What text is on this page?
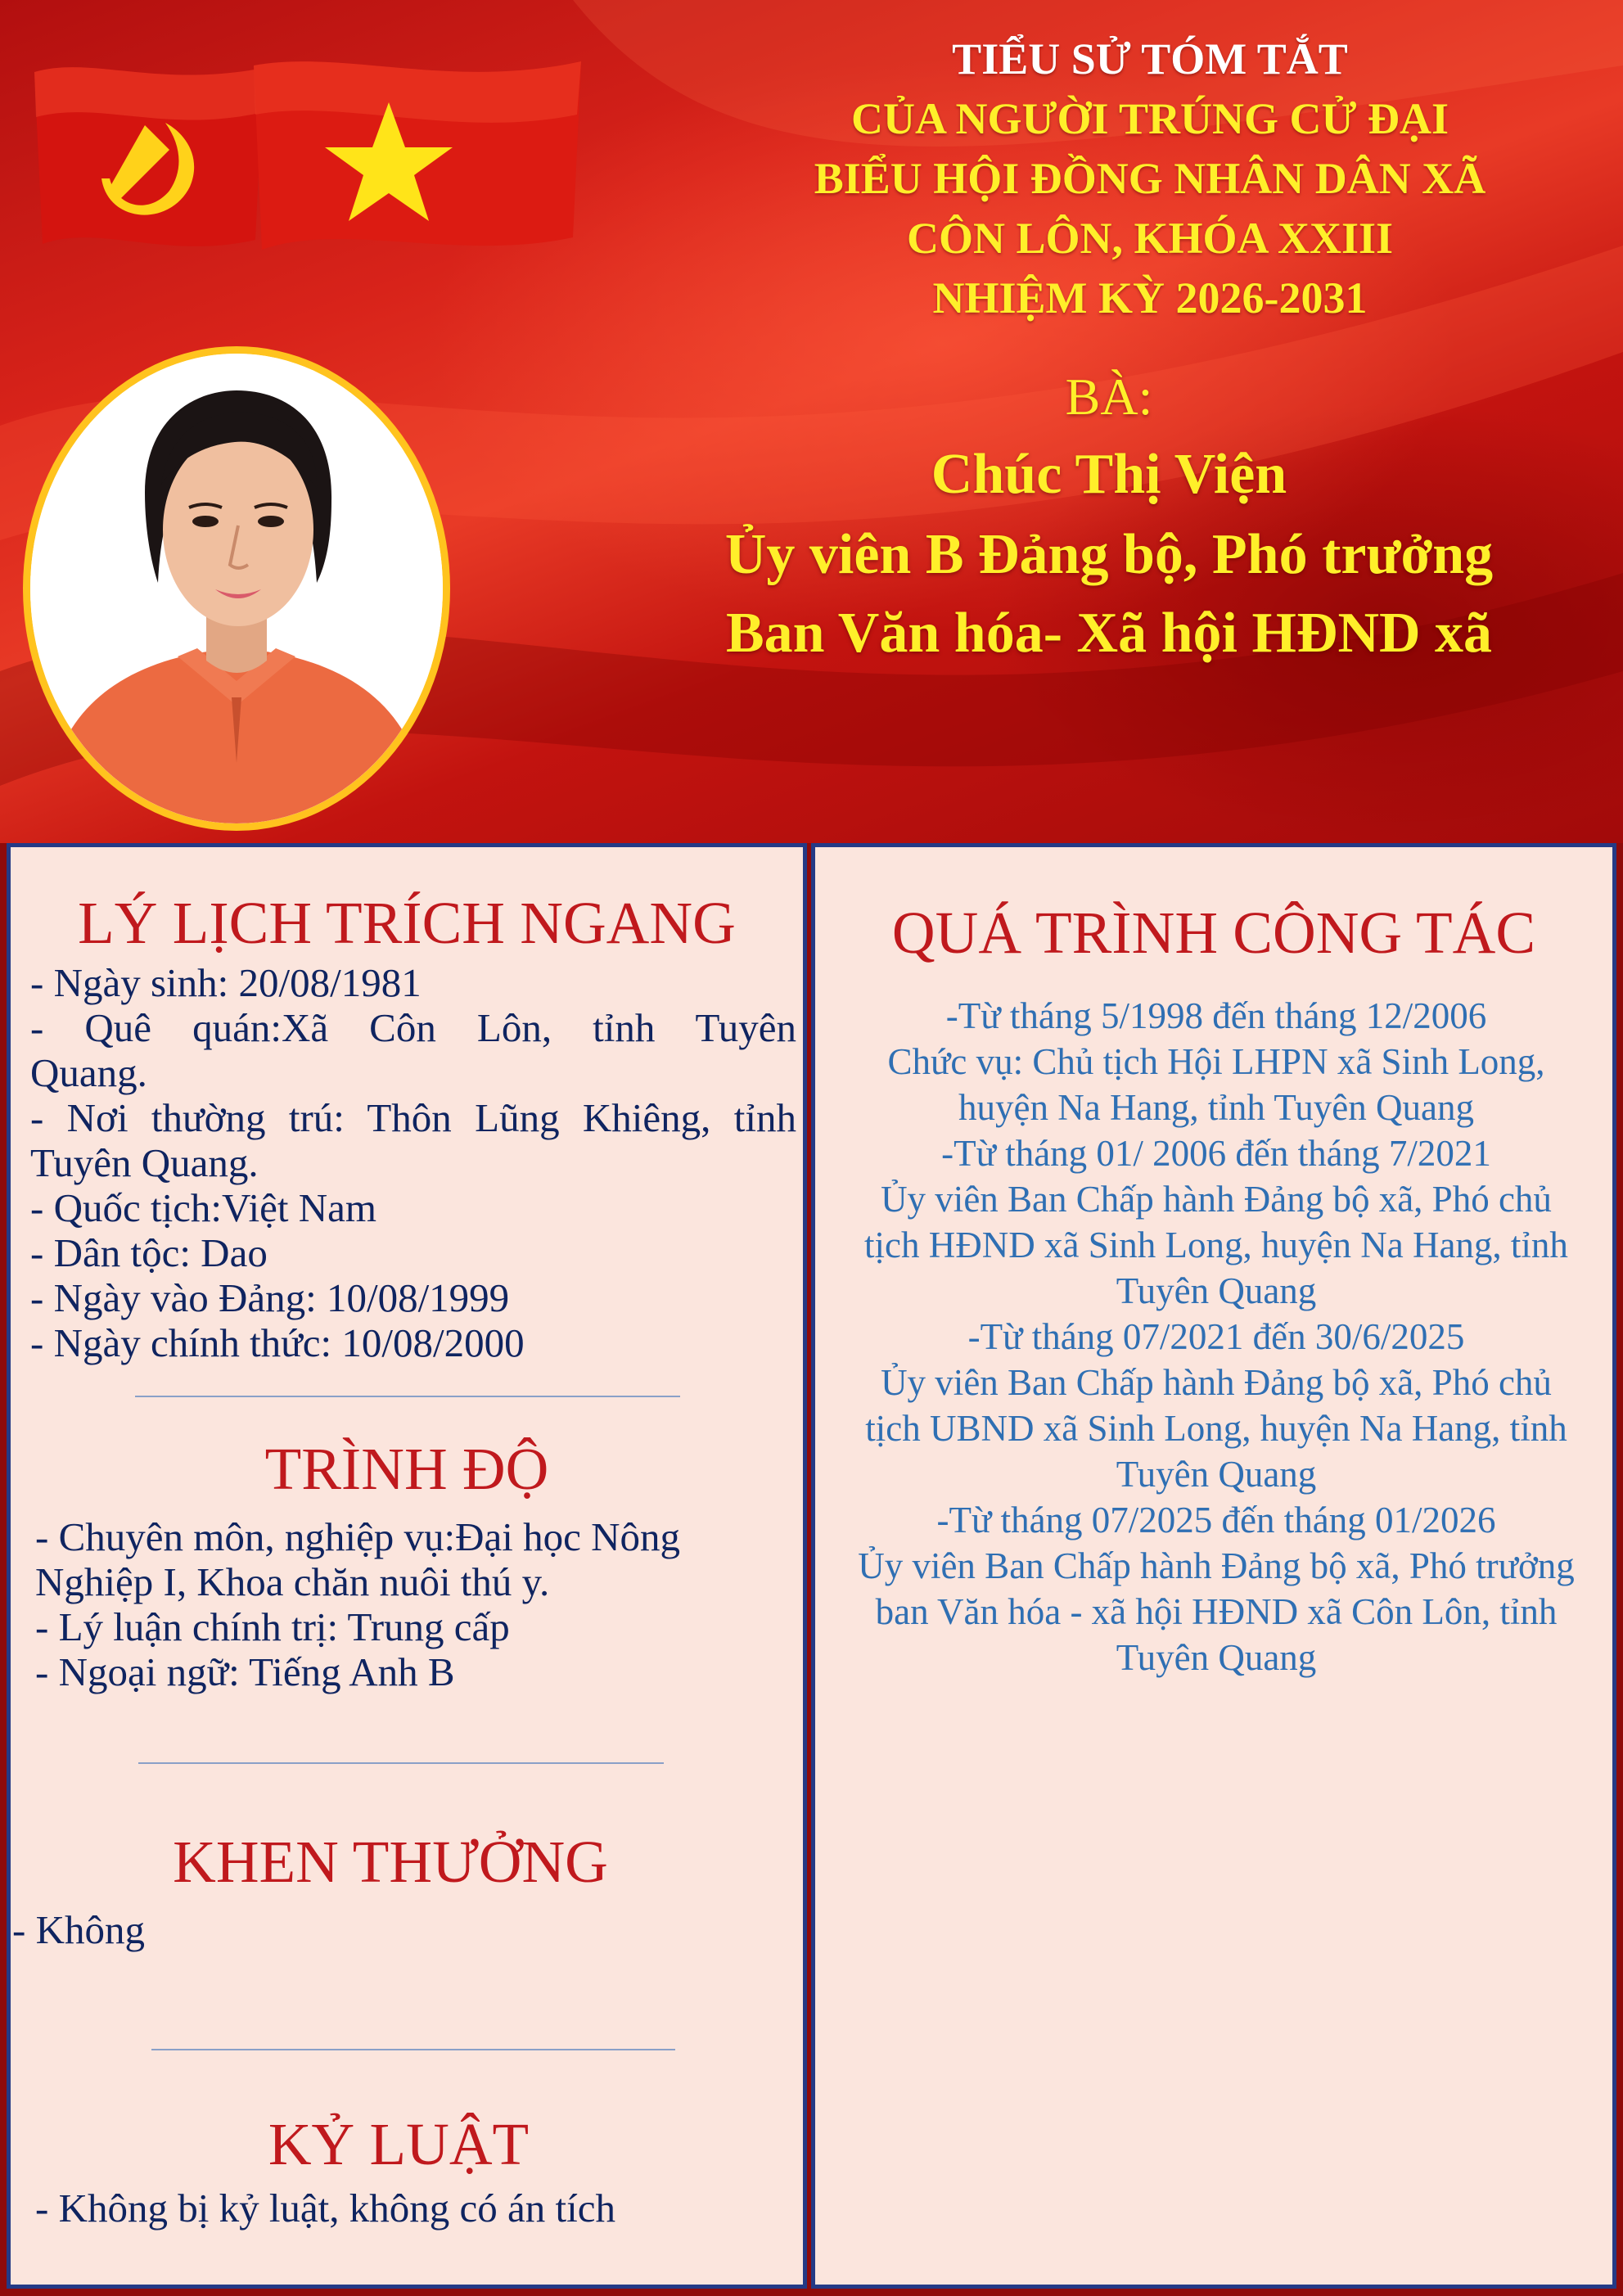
TIỂU SỬ TÓM TẮT
CỦA NGƯỜI TRÚNG CỬ ĐẠI
BIỂU HỘI ĐỒNG NHÂN DÂN XÃ
CÔN LÔN, KHÓA XXIII
NHIỆM KỲ 2026-2031
BÀ:
Chúc Thị Viện
Ủy viên B Đảng bộ, Phó trưởng
Ban Văn hóa- Xã hội HĐND xã
LÝ LỊCH TRÍCH NGANG
- Ngày sinh: 20/08/1981
- Quê quán:Xã Côn Lôn, tỉnh Tuyên
Quang.
- Nơi thường trú: Thôn Lũng Khiêng, tỉnh
Tuyên Quang.
- Quốc tịch:Việt Nam
- Dân tộc: Dao
- Ngày vào Đảng: 10/08/1999
- Ngày chính thức: 10/08/2000
TRÌNH ĐỘ
- Chuyên môn, nghiệp vụ:Đại học Nông
Nghiệp I, Khoa chăn nuôi thú y.
- Lý luận chính trị: Trung cấp
- Ngoại ngữ: Tiếng Anh B
KHEN THƯỞNG
- Không
KỶ LUẬT
- Không bị kỷ luật, không có án tích
QUÁ TRÌNH CÔNG TÁC
-Từ tháng 5/1998 đến tháng 12/2006
Chức vụ: Chủ tịch Hội LHPN xã Sinh Long,
huyện Na Hang, tỉnh Tuyên Quang
-Từ tháng 01/ 2006 đến tháng 7/2021
Ủy viên Ban Chấp hành Đảng bộ xã, Phó chủ
tịch HĐND xã Sinh Long, huyện Na Hang, tỉnh
Tuyên Quang
-Từ tháng 07/2021 đến 30/6/2025
Ủy viên Ban Chấp hành Đảng bộ xã, Phó chủ
tịch UBND xã Sinh Long, huyện Na Hang, tỉnh
Tuyên Quang
-Từ tháng 07/2025 đến tháng 01/2026
Ủy viên Ban Chấp hành Đảng bộ xã, Phó trưởng
ban Văn hóa - xã hội HĐND xã Côn Lôn, tỉnh
Tuyên Quang
